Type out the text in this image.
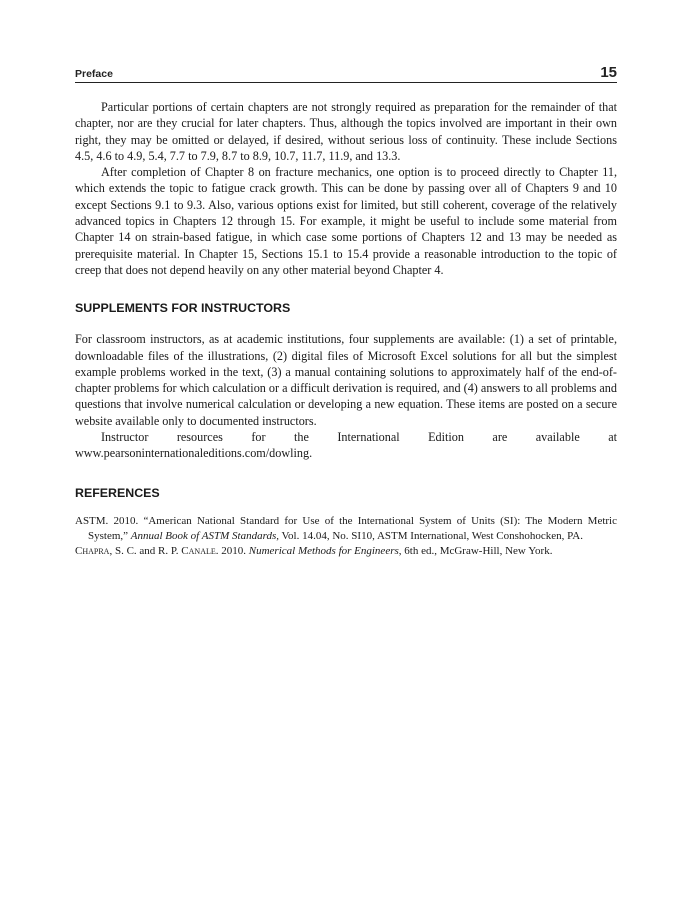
Preface	15

Particular portions of certain chapters are not strongly required as preparation for the remainder of that chapter, nor are they crucial for later chapters. Thus, although the topics involved are important in their own right, they may be omitted or delayed, if desired, without serious loss of continuity. These include Sections 4.5, 4.6 to 4.9, 5.4, 7.7 to 7.9, 8.7 to 8.9, 10.7, 11.7, 11.9, and 13.3.

After completion of Chapter 8 on fracture mechanics, one option is to proceed directly to Chapter 11, which extends the topic to fatigue crack growth. This can be done by passing over all of Chapters 9 and 10 except Sections 9.1 to 9.3. Also, various options exist for limited, but still coherent, coverage of the relatively advanced topics in Chapters 12 through 15. For example, it might be useful to include some material from Chapter 14 on strain-based fatigue, in which case some portions of Chapters 12 and 13 may be needed as prerequisite material. In Chapter 15, Sections 15.1 to 15.4 provide a reasonable introduction to the topic of creep that does not depend heavily on any other material beyond Chapter 4.

SUPPLEMENTS FOR INSTRUCTORS

For classroom instructors, as at academic institutions, four supplements are available: (1) a set of printable, downloadable files of the illustrations, (2) digital files of Microsoft Excel solutions for all but the simplest example problems worked in the text, (3) a manual containing solutions to approximately half of the end-of-chapter problems for which calculation or a difficult derivation is required, and (4) answers to all problems and questions that involve numerical calculation or developing a new equation. These items are posted on a secure website available only to documented instructors.

Instructor resources for the International Edition are available at www.pearsoninternationaleditions.com/dowling.

REFERENCES
ASTM. 2010. “American National Standard for Use of the International System of Units (SI): The Modern Metric System,” Annual Book of ASTM Standards, Vol. 14.04, No. SI10, ASTM International, West Conshohocken, PA.
Chapra, S. C. and R. P. Canale. 2010. Numerical Methods for Engineers, 6th ed., McGraw-Hill, New York.
